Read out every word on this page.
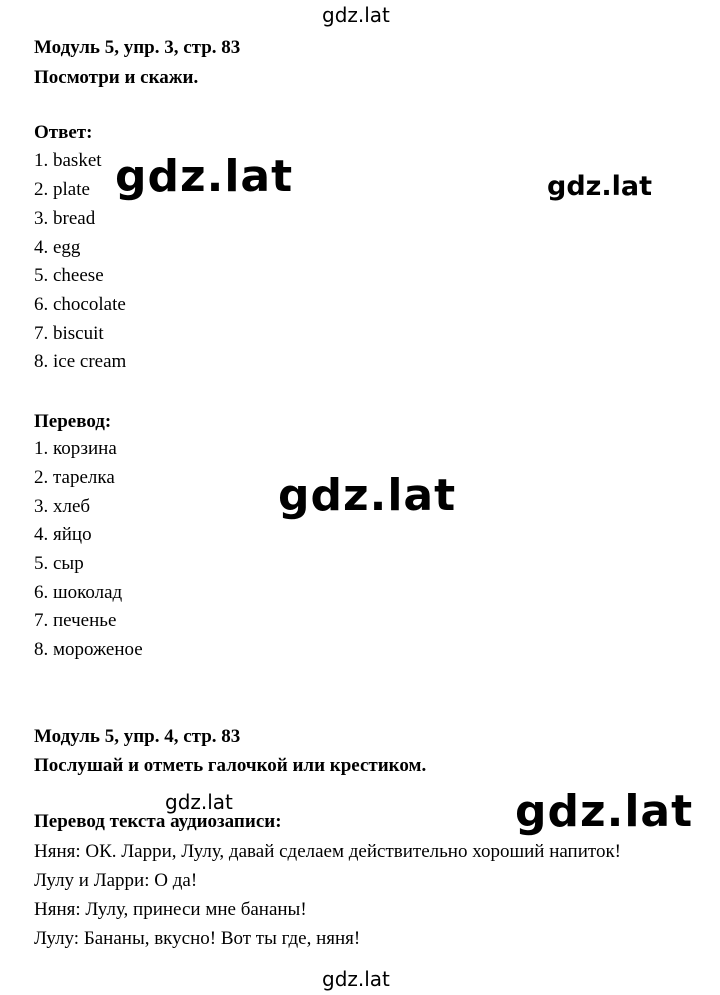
gdz.lat
gdz.lat	gdz.lat
gdz.lat
gdz.lat	gdz.lat
gdz.lat
Модуль 5, упр. 3, стр. 83
Посмотри и скажи.
Ответ:
1. basket
2. plate
3. bread
4. egg
5. cheese
6. chocolate
7. biscuit
8. ice cream
Перевод:
1. корзина
2. тарелка
3. хлеб
4. яйцо
5. сыр
6. шоколад
7. печенье
8. мороженое
Модуль 5, упр. 4, стр. 83
Послушай и отметь галочкой или крестиком.
Перевод текста аудиозаписи:
Няня: ОК. Ларри, Лулу, давай сделаем действительно хороший напиток!
Лулу и Ларри: О да!
Няня: Лулу, принеси мне бананы!
Лулу: Бананы, вкусно! Вот ты где, няня!
